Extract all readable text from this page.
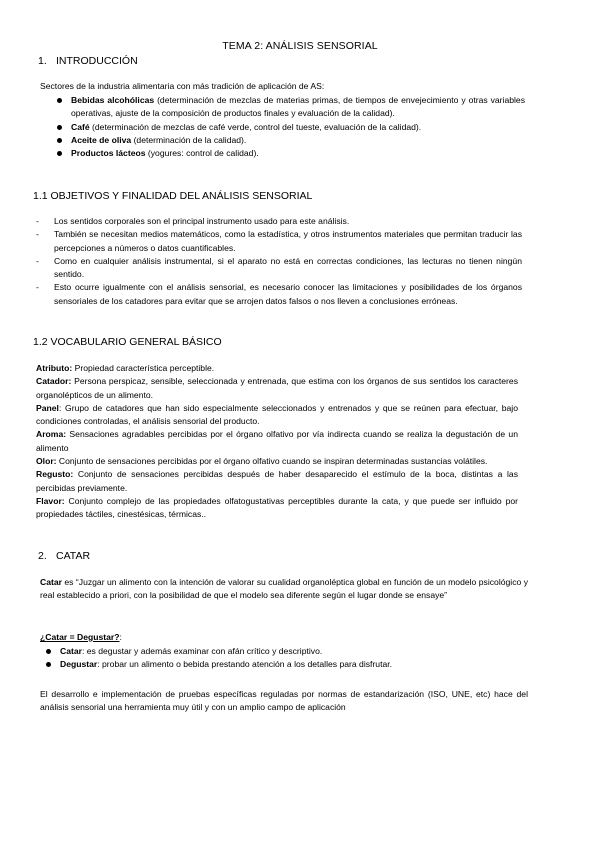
TEMA 2: ANÁLISIS SENSORIAL
1. INTRODUCCIÓN
Sectores de la industria alimentaria con más tradición de aplicación de AS:
Bebidas alcohólicas (determinación de mezclas de materias primas, de tiempos de envejecimiento y otras variables operativas, ajuste de la composición de productos finales y evaluación de la calidad).
Café (determinación de mezclas de café verde, control del tueste, evaluación de la calidad).
Aceite de oliva (determinación de la calidad).
Productos lácteos (yogures: control de calidad).
1.1 OBJETIVOS Y FINALIDAD DEL ANÁLISIS SENSORIAL
- Los sentidos corporales son el principal instrumento usado para este análisis.
- También se necesitan medios matemáticos, como la estadística, y otros instrumentos materiales que permitan traducir las percepciones a números o datos cuantificables.
- Como en cualquier análisis instrumental, si el aparato no está en correctas condiciones, las lecturas no tienen ningún sentido.
- Esto ocurre igualmente con el análisis sensorial, es necesario conocer las limitaciones y posibilidades de los órganos sensoriales de los catadores para evitar que se arrojen datos falsos o nos lleven a conclusiones erróneas.
1.2 VOCABULARIO GENERAL BÁSICO

Atributo: Propiedad característica perceptible.

Catador: Persona perspicaz, sensible, seleccionada y entrenada, que estima con los órganos de sus sentidos los caracteres organolépticos de un alimento.

Panel: Grupo de catadores que han sido especialmente seleccionados y entrenados y que se reúnen para efectuar, bajo condiciones controladas, el análisis sensorial del producto.

Aroma: Sensaciones agradables percibidas por el órgano olfativo por vía indirecta cuando se realiza la degustación de un alimento

Olor: Conjunto de sensaciones percibidas por el órgano olfativo cuando se inspiran determinadas sustancias volátiles.

Regusto: Conjunto de sensaciones percibidas después de haber desaparecido el estímulo de la boca, distintas a las percibidas previamente.

Flavor: Conjunto complejo de las propiedades olfatogustativas perceptibles durante la cata, y que puede ser influido por propiedades táctiles, cinestésicas, térmicas..

2. CATAR
Catar es “Juzgar un alimento con la intención de valorar su cualidad organoléptica global en función de un modelo psicológico y real establecido a priori, con la posibilidad de que el modelo sea diferente según el lugar donde se ensaye”
¿Catar = Degustar?:
Catar: es degustar y además examinar con afán crítico y descriptivo.
Degustar: probar un alimento o bebida prestando atención a los detalles para disfrutar.
El desarrollo e implementación de pruebas específicas reguladas por normas de estandarización (ISO, UNE, etc) hace del análisis sensorial una herramienta muy útil y con un amplio campo de aplicación
